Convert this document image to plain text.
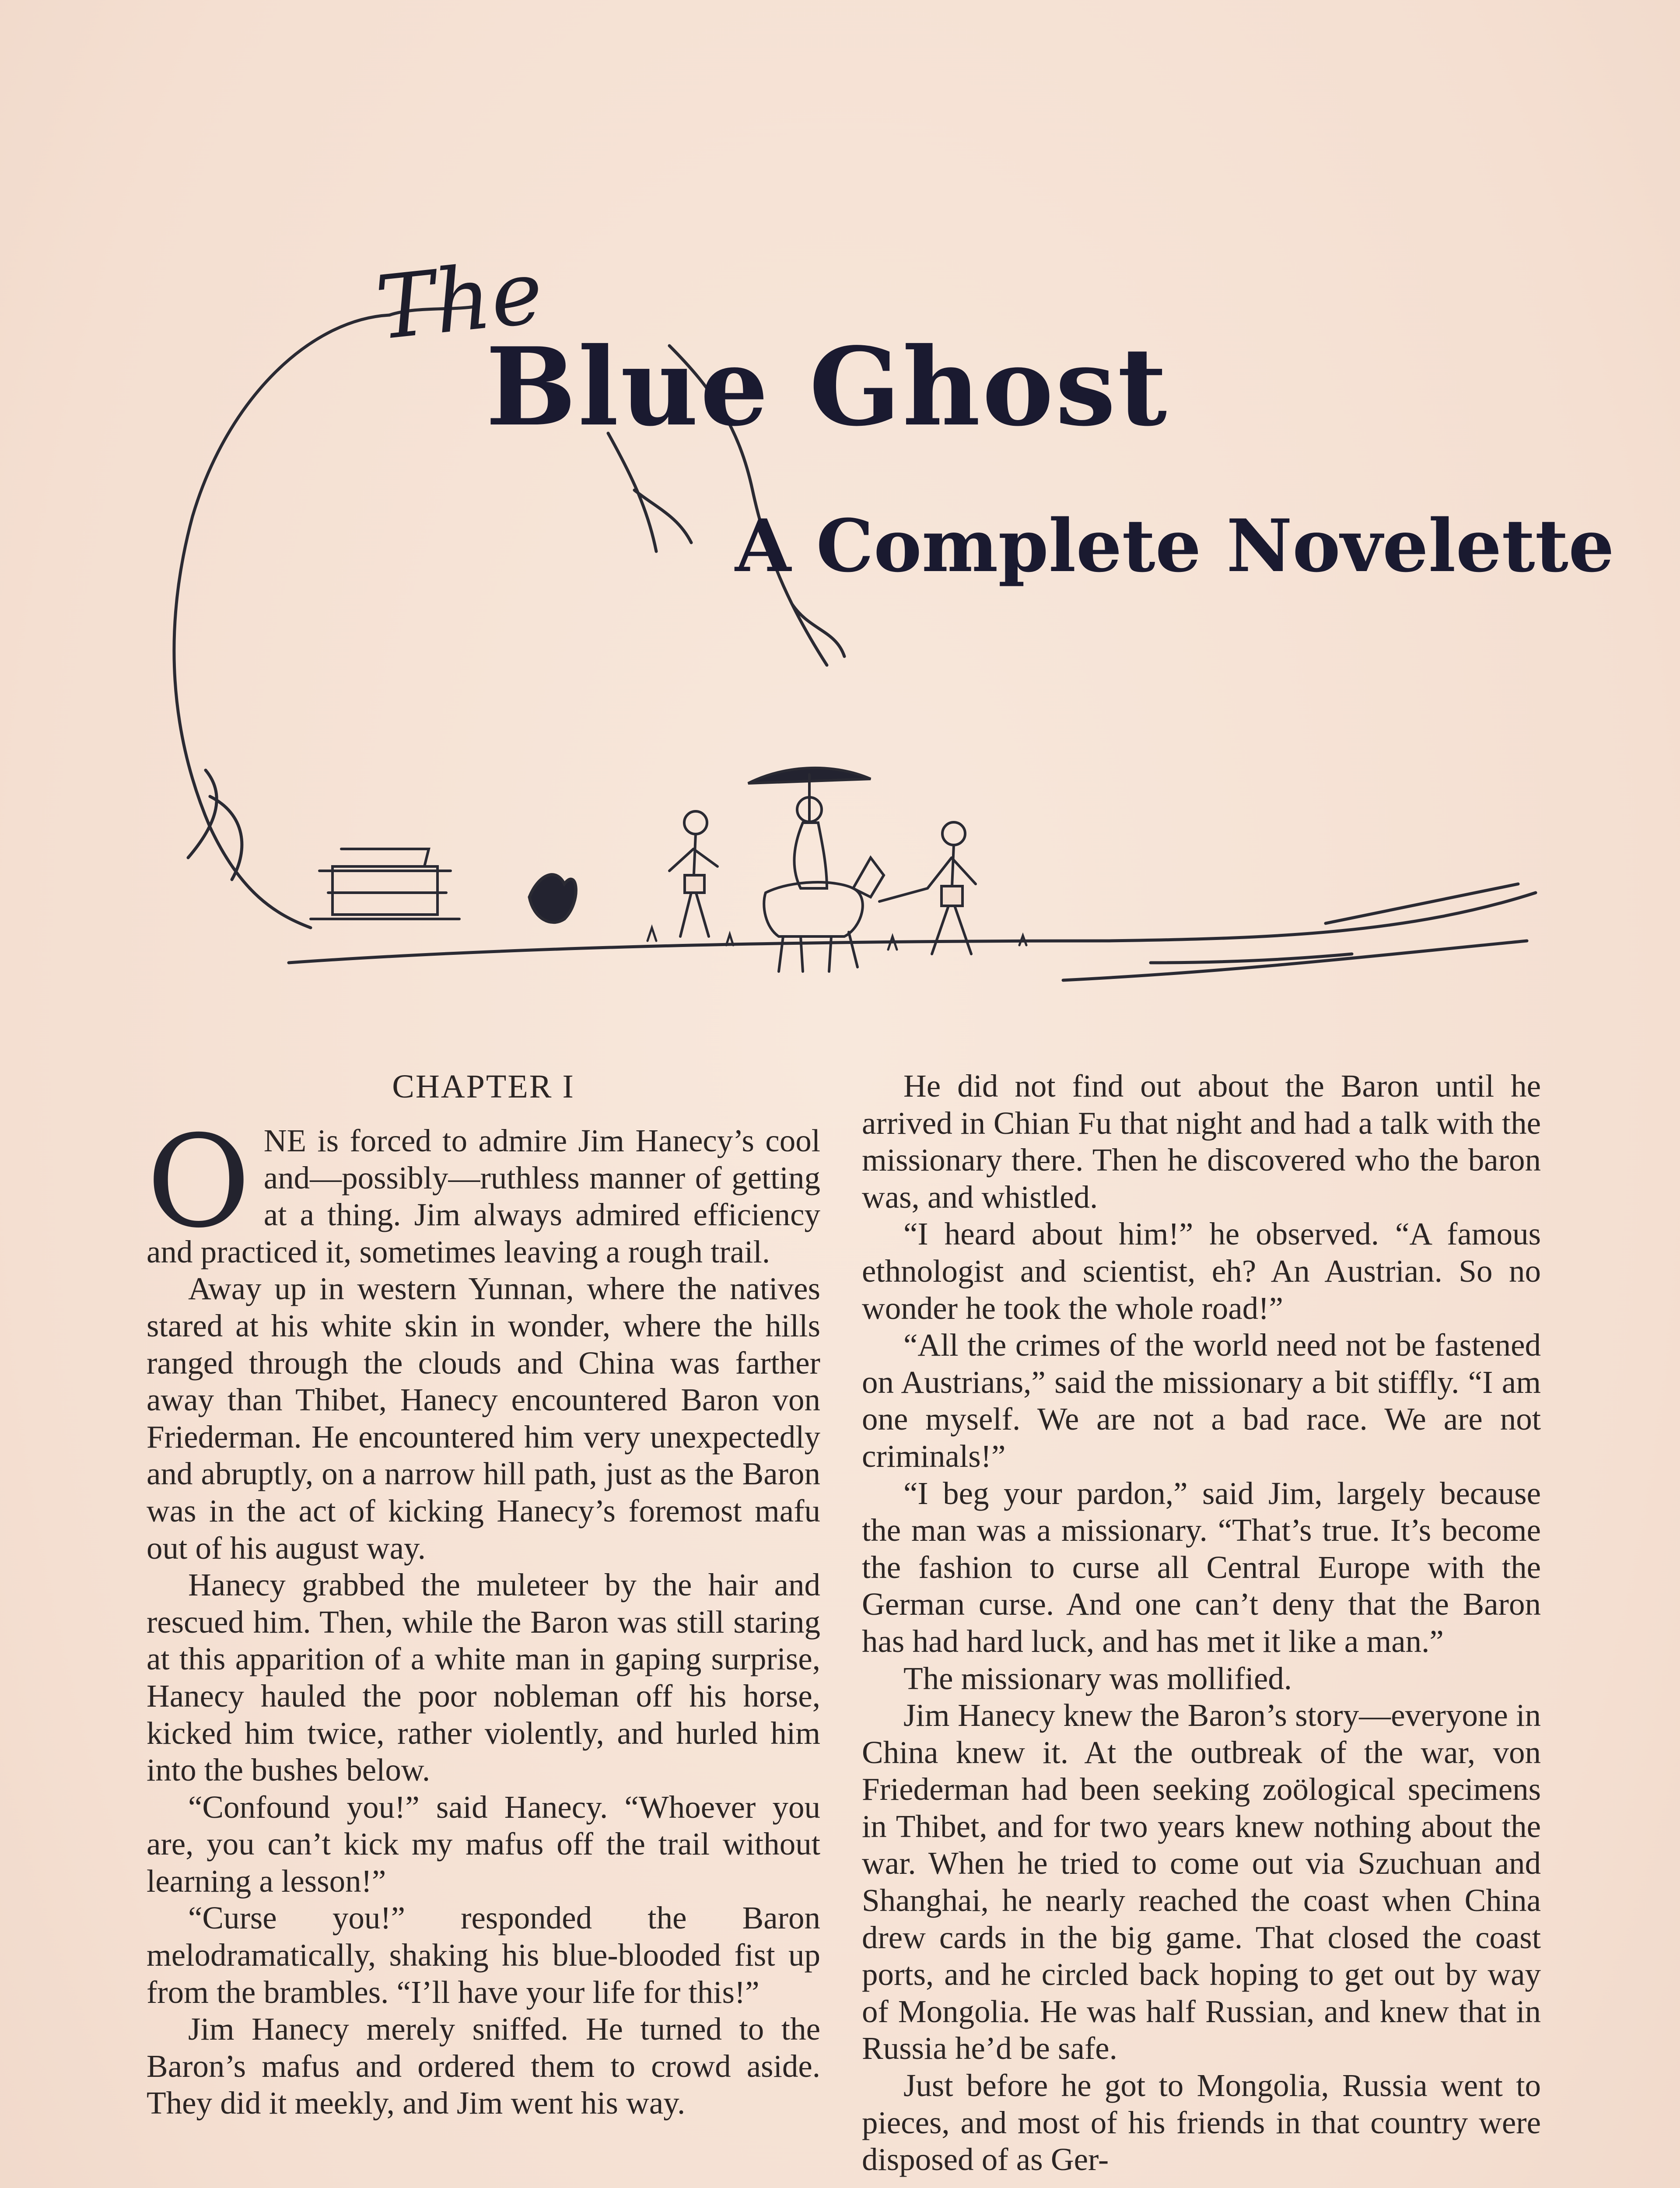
The
Blue Ghost
A Complete Novelette
CHAPTER I

ONE is forced to admire Jim Hanecy’s cool and—possibly—ruthless manner of getting at a thing. Jim always admired efficiency and practiced it, sometimes leaving a rough trail.

Away up in western Yunnan, where the natives stared at his white skin in wonder, where the hills ranged through the clouds and China was farther away than Thibet, Hanecy encountered Baron von Friederman. He encountered him very unexpectedly and abruptly, on a narrow hill path, just as the Baron was in the act of kicking Hanecy’s foremost mafu out of his august way.

Hanecy grabbed the muleteer by the hair and rescued him. Then, while the Baron was still staring at this apparition of a white man in gaping surprise, Hanecy hauled the poor nobleman off his horse, kicked him twice, rather violently, and hurled him into the bushes below.

“Confound you!” said Hanecy. “Whoever you are, you can’t kick my mafus off the trail without learning a lesson!”

“Curse you!” responded the Baron melodramatically, shaking his blue-blooded fist up from the brambles. “I’ll have your life for this!”

Jim Hanecy merely sniffed. He turned to the Baron’s mafus and ordered them to crowd aside. They did it meekly, and Jim went his way.

He did not find out about the Baron until he arrived in Chian Fu that night and had a talk with the missionary there. Then he discovered who the baron was, and whistled.

“I heard about him!” he observed. “A famous ethnologist and scientist, eh? An Austrian. So no wonder he took the whole road!”

“All the crimes of the world need not be fastened on Austrians,” said the missionary a bit stiffly. “I am one myself. We are not a bad race. We are not criminals!”

“I beg your pardon,” said Jim, largely because the man was a missionary. “That’s true. It’s become the fashion to curse all Central Europe with the German curse. And one can’t deny that the Baron has had hard luck, and has met it like a man.”

The missionary was mollified.

Jim Hanecy knew the Baron’s story—everyone in China knew it. At the outbreak of the war, von Friederman had been seeking zoölogical specimens in Thibet, and for two years knew nothing about the war. When he tried to come out via Szuchuan and Shanghai, he nearly reached the coast when China drew cards in the big game. That closed the coast ports, and he circled back hoping to get out by way of Mongolia. He was half Russian, and knew that in Russia he’d be safe.

Just before he got to Mongolia, Russia went to pieces, and most of his friends in that country were disposed of as Ger-
